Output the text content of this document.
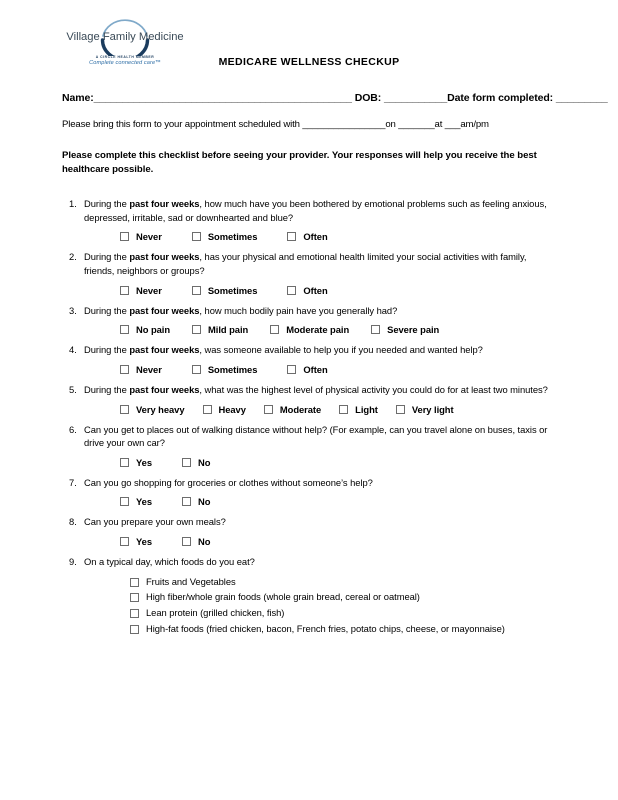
Village Family Medicine
A CIRCLE HEALTH MEMBER
Complete connected care™	MEDICARE WELLNESS CHECKUP
Name:_____________________________________________ DOB: ___________Date form completed: _________
Please bring this form to your appointment scheduled with ________________on _______at ___am/pm
Please complete this checklist before seeing your provider. Your responses will help you receive the best healthcare possible.
1. During the past four weeks, how much have you been bothered by emotional problems such as feeling anxious, depressed, irritable, sad or downhearted and blue?
Never	Sometimes	Often
2. During the past four weeks, has your physical and emotional health limited your social activities with family, friends, neighbors or groups?
Never	Sometimes	Often
3. During the past four weeks, how much bodily pain have you generally had?
No pain	Mild pain	Moderate pain	Severe pain
4. During the past four weeks, was someone available to help you if you needed and wanted help?
Never	Sometimes	Often
5. During the past four weeks, what was the highest level of physical activity you could do for at least two minutes?
Very heavy	Heavy	Moderate	Light	Very light
6. Can you get to places out of walking distance without help? (For example, can you travel alone on buses, taxis or drive your own car?
Yes	No
7. Can you go shopping for groceries or clothes without someone’s help?
Yes	No
8. Can you prepare your own meals?
Yes	No
9. On a typical day, which foods do you eat?
Fruits and Vegetables
High fiber/whole grain foods (whole grain bread, cereal or oatmeal)
Lean protein (grilled chicken, fish)
High-fat foods (fried chicken, bacon, French fries, potato chips, cheese, or mayonnaise)
